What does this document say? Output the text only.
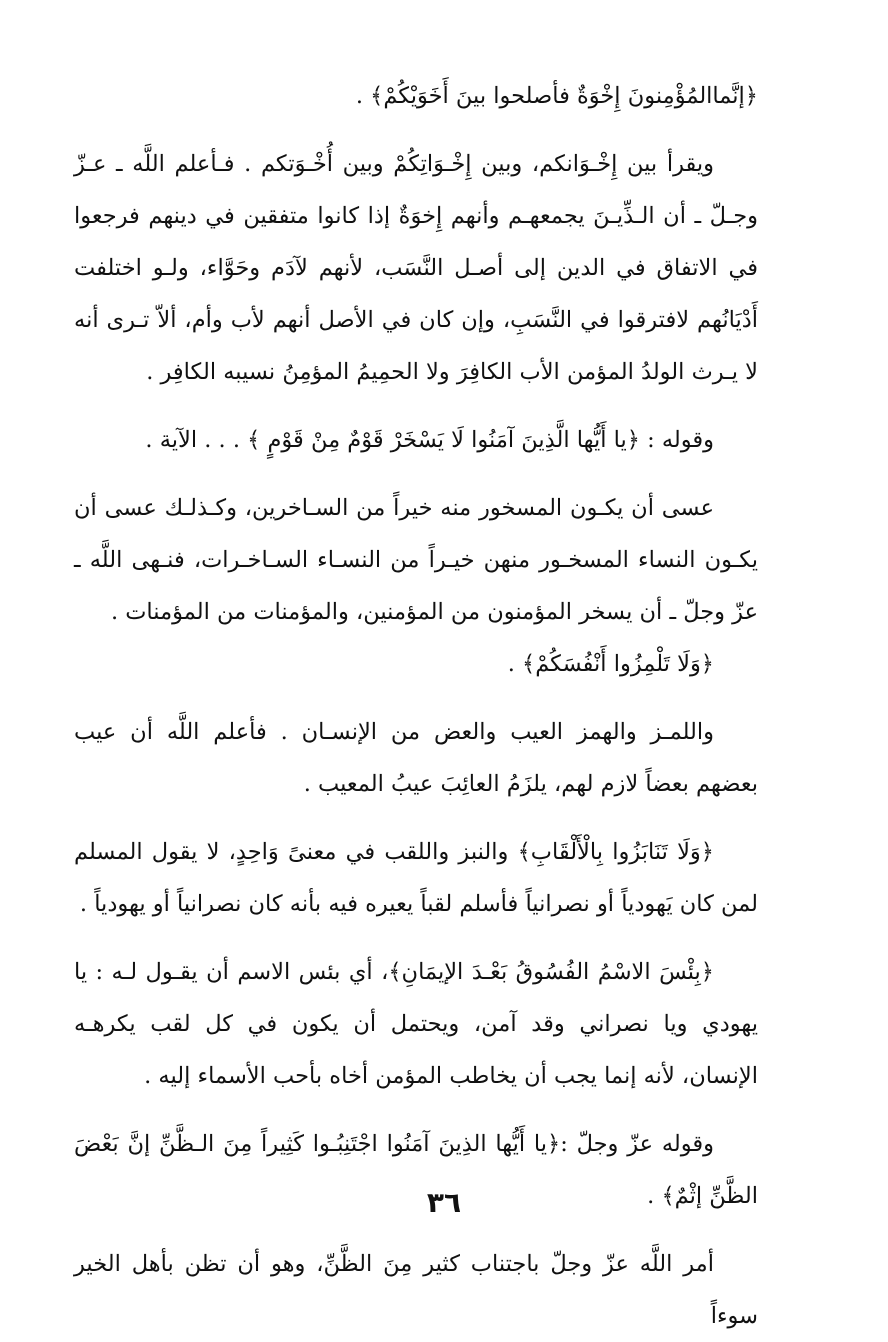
﴿إنَّماالمُؤْمِنونَ إِخْوَةٌ فأصلحوا بينَ أَخَوَيْكُمْ﴾ .

ويقرأ بين إِخْـوَانكم، وبين إِخْـوَاتِكُمْ وبين أُخْـوَتكم . فـأعلم اللَّه ـ عـزّ وجـلّ ـ أن الـذِّيـنَ يجمعهـم وأنهم إِخوَةٌ إذا كانوا متفقين في دينهم فرجعوا في الاتفاق في الدين إلى أصـل النَّسَب، لأنهم لآدَم وحَوَّاء، ولـو اختلفت أَدْيَانُهم لافترقوا في النَّسَبِ، وإن كان في الأصل أنهم لأب وأم، ألاّ تـرى أنه لا يـرث الولدُ المؤمن الأب الكافِرَ ولا الحمِيمُ المؤمِنُ نسيبه الكافِر .

وقوله : ﴿يا أَيُّها الَّذِينَ آمَنُوا لَا يَسْخَرْ قَوْمٌ مِنْ قَوْمٍ ﴾ . . . الآية .

عسى أن يكـون المسخور منه خيراً من السـاخرين، وكـذلـك عسى أن يكـون النساء المسخـور منهن خيـراً من النسـاء السـاخـرات، فنـهى اللَّه ـ عزّ وجلّ ـ أن يسخر المؤمنون من المؤمنين، والمؤمنات من المؤمنات .

﴿وَلَا تَلْمِزُوا أَنْفُسَكُمْ﴾ .

واللمـز والهمز العيب والعض من الإنسـان . فأعلم اللَّه أن عيب بعضهم بعضاً لازم لهم، يلزَمُ العائِبَ عيبُ المعيب .

﴿وَلَا تَنَابَزُوا بِالْأَلْقَابِ﴾ والنبز واللقب في معنىً وَاحِدٍ، لا يقول المسلم لمن كان يَهودياً أو نصرانياً فأسلم لقباً يعيره فيه بأنه كان نصرانياً أو يهودياً .

﴿بِئْسَ الاسْمُ الفُسُوقُ بَعْـدَ الإيمَانِ﴾، أي بئس الاسم أن يقـول لـه : يا يهودي ويا نصراني وقد آمن، ويحتمل أن يكون في كل لقب يكرهـه الإنسان، لأنه إنما يجب أن يخاطب المؤمن أخاه بأحب الأسماء إليه .

وقوله عزّ وجلّ :﴿يا أَيُّها الذِينَ آمَنُوا اجْتَنِبُـوا كَثِيراً مِنَ الـظَّنِّ إنَّ بَعْضَ الظَّنِّ إثْمٌ﴾ .

أمر اللَّه عزّ وجلّ باجتناب كثير مِنَ الظَّنِّ، وهو أن تظن بأهل الخير سوءاً

٣٦
